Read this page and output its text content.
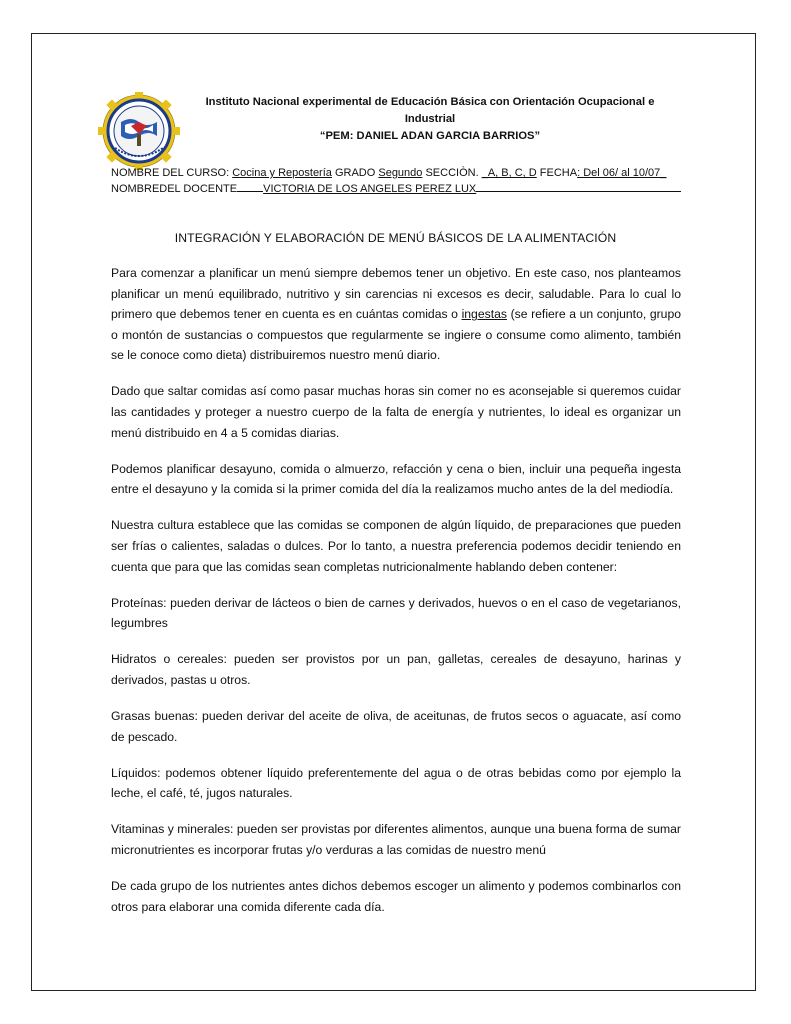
Instituto Nacional experimental de Educación Básica con Orientación Ocupacional e
Industrial
“PEM: DANIEL ADAN GARCIA BARRIOS”
NOMBRE DEL CURSO: Cocina y Repostería GRADO Segundo SECCIÒN. _A, B, C, D FECHA: Del 06/ al 10/07_
NOMBREDEL DOCENTE VICTORIA DE LOS ANGELES PEREZ LUX
INTEGRACIÓN Y ELABORACIÓN DE MENÚ BÁSICOS DE LA ALIMENTACIÓN

Para comenzar a planificar un menú siempre debemos tener un objetivo. En este caso, nos planteamos planificar un menú equilibrado, nutritivo y sin carencias ni excesos es decir, saludable. Para lo cual lo primero que debemos tener en cuenta es en cuántas comidas o ingestas (se refiere a un conjunto, grupo o montón de sustancias o compuestos que regularmente se ingiere o consume como alimento, también se le conoce como dieta) distribuiremos nuestro menú diario.

Dado que saltar comidas así como pasar muchas horas sin comer no es aconsejable si queremos cuidar las cantidades y proteger a nuestro cuerpo de la falta de energía y nutrientes, lo ideal es organizar un menú distribuido en 4 a 5 comidas diarias.

Podemos planificar desayuno, comida o almuerzo, refacción y cena o bien, incluir una pequeña ingesta entre el desayuno y la comida si la primer comida del día la realizamos mucho antes de la del mediodía.

Nuestra cultura establece que las comidas se componen de algún líquido, de preparaciones que pueden ser frías o calientes, saladas o dulces. Por lo tanto, a nuestra preferencia podemos decidir teniendo en cuenta que para que las comidas sean completas nutricionalmente hablando deben contener:

Proteínas: pueden derivar de lácteos o bien de carnes y derivados, huevos o en el caso de vegetarianos, legumbres

Hidratos o cereales: pueden ser provistos por un pan, galletas, cereales de desayuno, harinas y derivados, pastas u otros.

Grasas buenas: pueden derivar del aceite de oliva, de aceitunas, de frutos secos o aguacate, así como de pescado.

Líquidos: podemos obtener líquido preferentemente del agua o de otras bebidas como por ejemplo la leche, el café, té, jugos naturales.

Vitaminas y minerales: pueden ser provistas por diferentes alimentos, aunque una buena forma de sumar micronutrientes es incorporar frutas y/o verduras a las comidas de nuestro menú

De cada grupo de los nutrientes antes dichos debemos escoger un alimento y podemos combinarlos con otros para elaborar una comida diferente cada día.
